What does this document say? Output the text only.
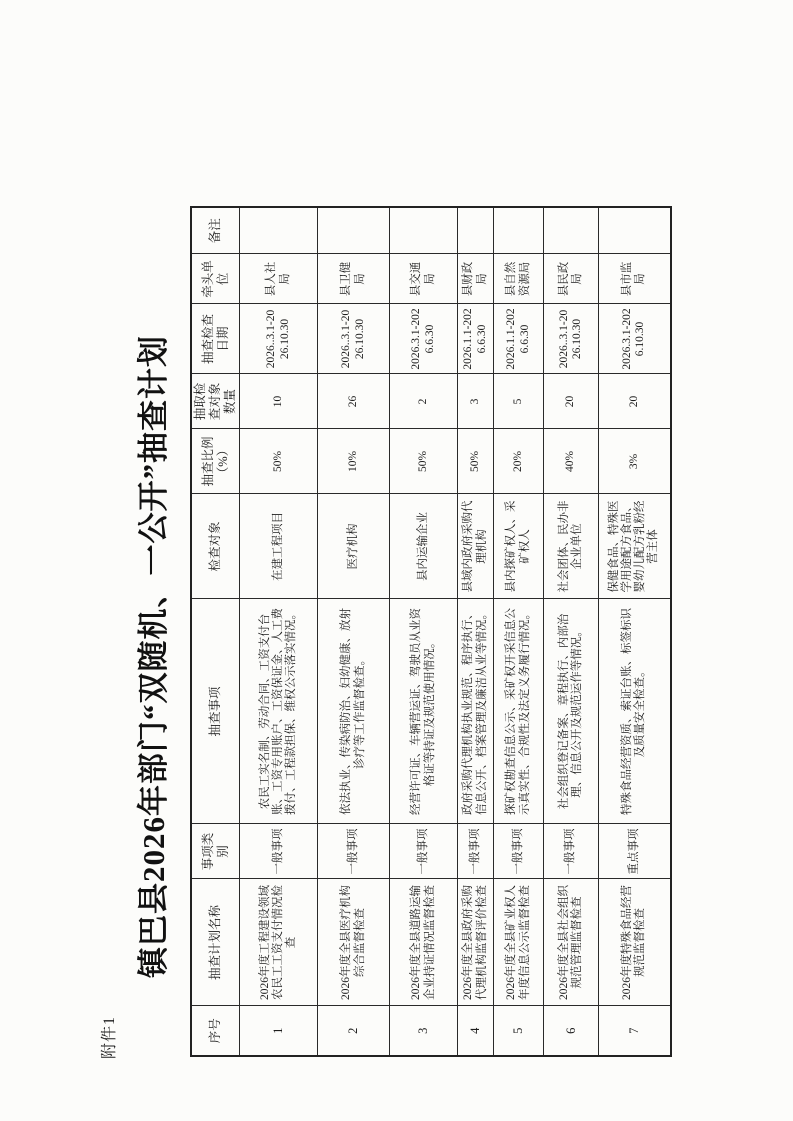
附件1
镇巴县2026年部门“双随机、一公开”抽查计划
序号	抽查计划名称	事项类别	抽查事项	检查对象	抽查比例（%）	抽取检查对象数量	抽查检查日期	牵头单位	备注
1	2026年度工程建设领域农民工工资支付情况检查	一般事项	农民工实名制、劳动合同、工资支付台账、工资专用账户、工资保证金、人工费拨付、工程款担保、维权公示落实情况。	在建工程项目	50%	10	2026..3.1-2026.10.30	县人社局	
2	2026年度全县医疗机构综合监督检查	一般事项	依法执业、传染病防治、妇幼健康、放射诊疗等工作监督检查。	医疗机构	10%	26	2026..3.1-2026.10.30	县卫健局	
3	2026年度全县道路运输企业持证情况监督检查	一般事项	经营许可证、车辆营运证、驾驶员从业资格证等持证及规范使用情况。	县内运输企业	50%	2	2026.3.1-2026.6.30	县交通局	
4	2026年度全县政府采购代理机构监督评价检查	一般事项	政府采购代理机构执业规范、程序执行、信息公开、档案管理及廉洁从业等情况。	县域内政府采购代理机构	50%	3	2026.1.1-2026.6.30	县财政局	
5	2026年度全县矿业权人年度信息公示监督检查	一般事项	探矿权勘查信息公示、采矿权开采信息公示真实性、合规性及法定义务履行情况。	县内探矿权人、采矿权人	20%	5	2026.1.1-2026.6.30	县自然资源局	
6	2026年度全县社会组织规范管理监督检查	一般事项	社会组织登记备案、章程执行、内部治理、信息公开及规范运作等情况。	社会团体、民办非企业单位	40%	20	2026..3.1-2026.10.30	县民政局	
7	2026年度特殊食品经营规范监督检查	重点事项	特殊食品经营资质、索证台账、标签标识及质量安全检查。	保健食品、特殊医学用途配方食品、婴幼儿配方乳粉经营主体	3%	20	2026.3.1-2026.10.30	县市监局	
